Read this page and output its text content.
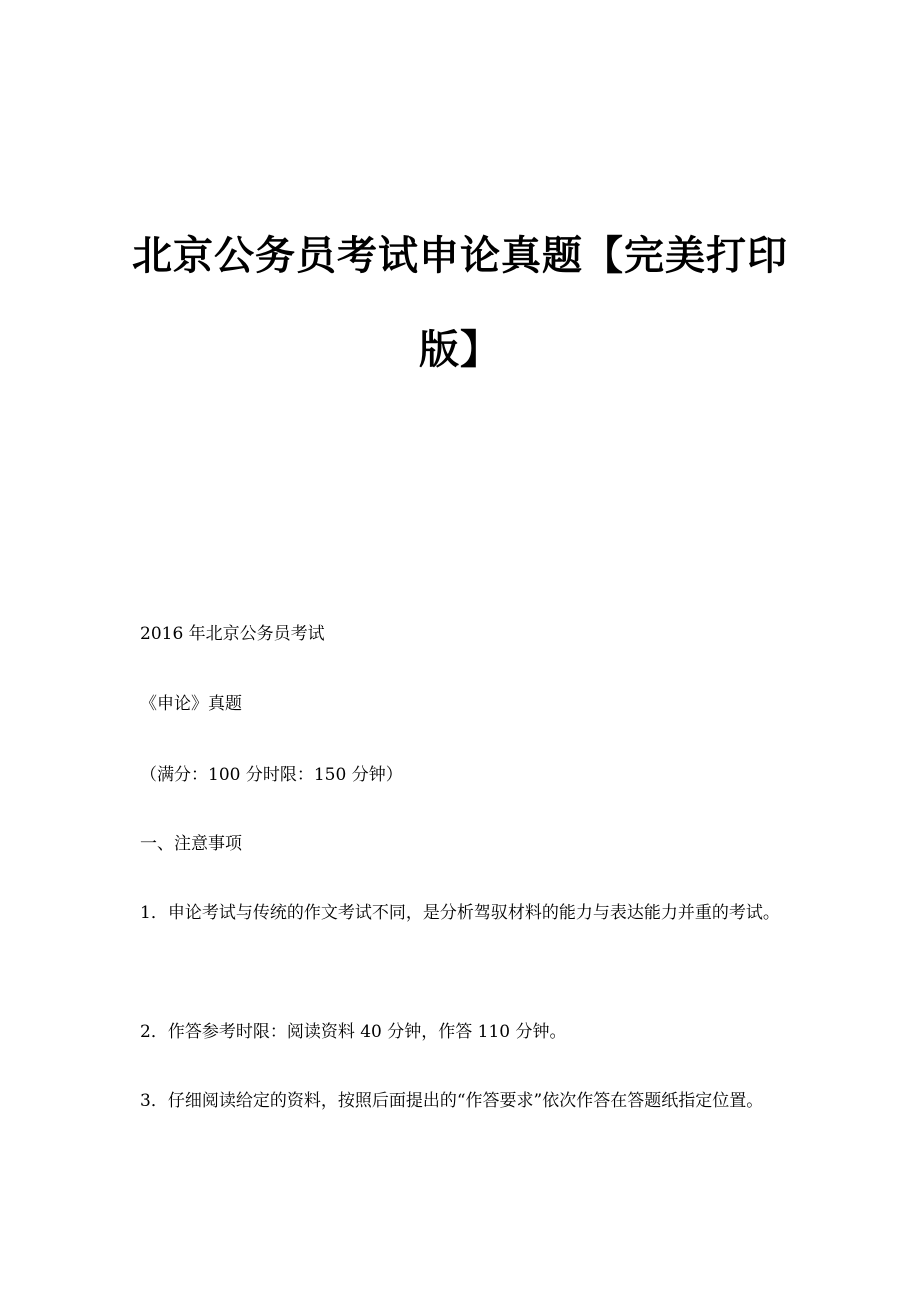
北京公务员考试申论真题【完美打印
版】

2016 年北京公务员考试

《申论》真题

（满分：100 分时限：150 分钟）

一、注意事项

1．申论考试与传统的作文考试不同，是分析驾驭材料的能力与表达能力并重的考试。

2．作答参考时限：阅读资料 40 分钟，作答 110 分钟。

3．仔细阅读给定的资料，按照后面提出的“作答要求”依次作答在答题纸指定位置。
